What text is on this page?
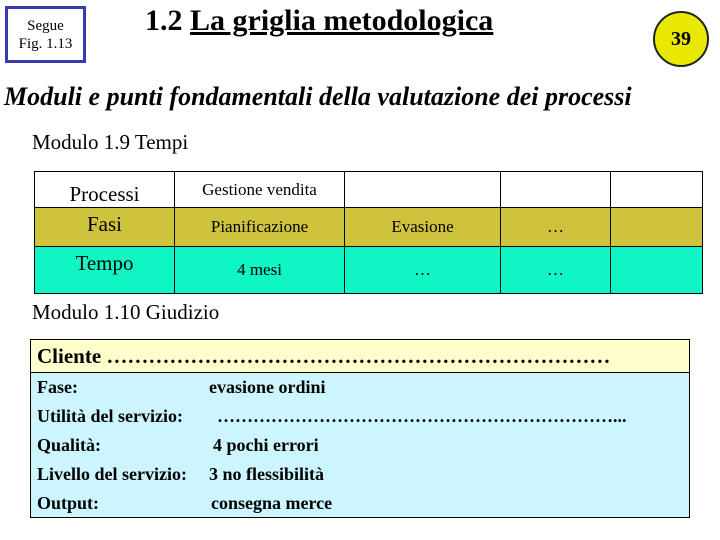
Segue
Fig. 1.13
1.2 La griglia metodologica
39
Moduli e punti fondamentali della valutazione dei processi
Modulo 1.9 Tempi
Processi	Gestione vendita			
Fasi	Pianificazione	Evasione	…	
Tempo	4 mesi	…	…	
Modulo 1.10 Giudizio
Cliente ………………………………………………………………
Fase:	evasione ordini
Utilità del servizio: …………………………………………………………...
Qualità:	4 pochi errori
Livello del servizio: 3 no flessibilità
Output:	consegna merce
